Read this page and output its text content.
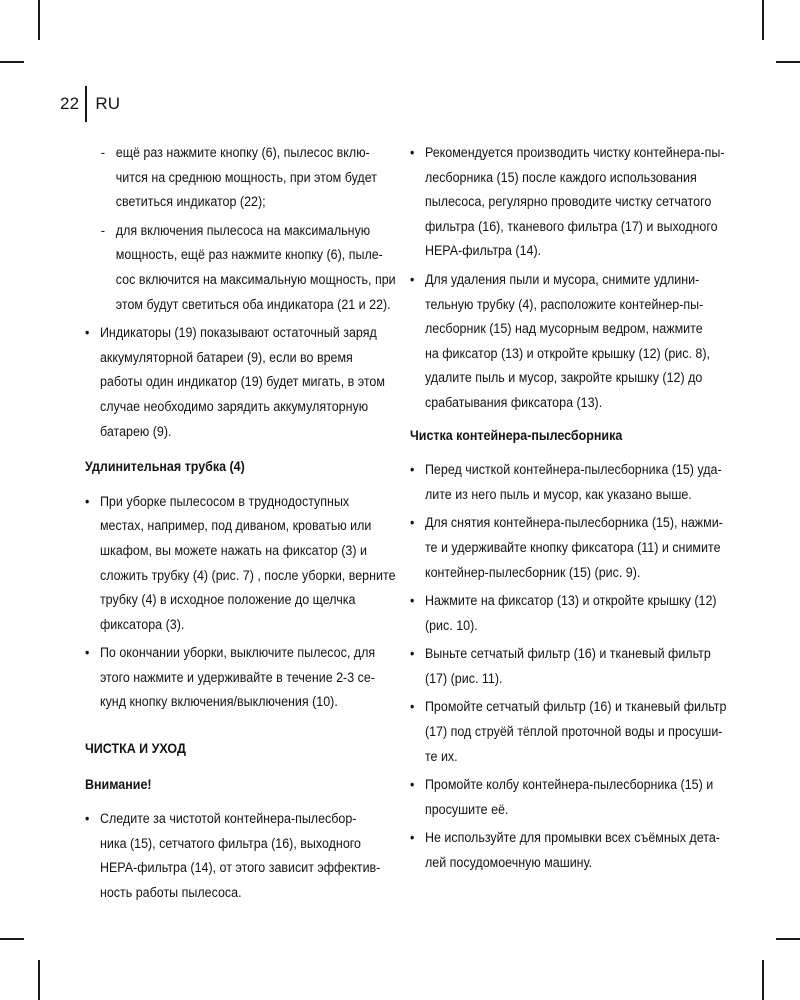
22 RU
- ещё раз нажмите кнопку (6), пылесос вклю-
чится на среднюю мощность, при этом будет
светиться индикатор (22);
- для включения пылесоса на максимальную
мощность, ещё раз нажмите кнопку (6), пыле-
сос включится на максимальную мощность, при
этом будут светиться оба индикатора (21 и 22).
• Индикаторы (19) показывают остаточный заряд
аккумуляторной батареи (9), если во время
работы один индикатор (19) будет мигать, в этом
случае необходимо зарядить аккумуляторную
батарею (9).
Удлинительная трубка (4)
• При уборке пылесосом в труднодоступных
местах, например, под диваном, кроватью или
шкафом, вы можете нажать на фиксатор (3) и
сложить трубку (4) (рис. 7) , после уборки, верните
трубку (4) в исходное положение до щелчка
фиксатора (3).
• По окончании уборки, выключите пылесос, для
этого нажмите и удерживайте в течение 2-3 се-
кунд кнопку включения/выключения (10).
ЧИСТКА И УХОД
Внимание!
• Следите за чистотой контейнера-пылесбор-
ника (15), сетчатого фильтра (16), выходного
НЕРА-фильтра (14), от этого зависит эффектив-
ность работы пылесоса.
• Рекомендуется производить чистку контейнера-пы-
лесборника (15) после каждого использования
пылесоса, регулярно проводите чистку сетчатого
фильтра (16), тканевого фильтра (17) и выходного
НЕРА-фильтра (14).
• Для удаления пыли и мусора, снимите удлини-
тельную трубку (4), расположите контейнер-пы-
лесборник (15) над мусорным ведром, нажмите
на фиксатор (13) и откройте крышку (12) (рис. 8),
удалите пыль и мусор, закройте крышку (12) до
срабатывания фиксатора (13).
Чистка контейнера-пылесборника
• Перед чисткой контейнера-пылесборника (15) уда-
лите из него пыль и мусор, как указано выше.
• Для снятия контейнера-пылесборника (15), нажми-
те и удерживайте кнопку фиксатора (11) и снимите
контейнер-пылесборник (15) (рис. 9).
• Нажмите на фиксатор (13) и откройте крышку (12)
(рис. 10).
• Выньте сетчатый фильтр (16) и тканевый фильтр
(17) (рис. 11).
• Промойте сетчатый фильтр (16) и тканевый фильтр
(17) под струёй тёплой проточной воды и просуши-
те их.
• Промойте колбу контейнера-пылесборника (15) и
просушите её.
• Не используйте для промывки всех съёмных дета-
лей посудомоечную машину.
